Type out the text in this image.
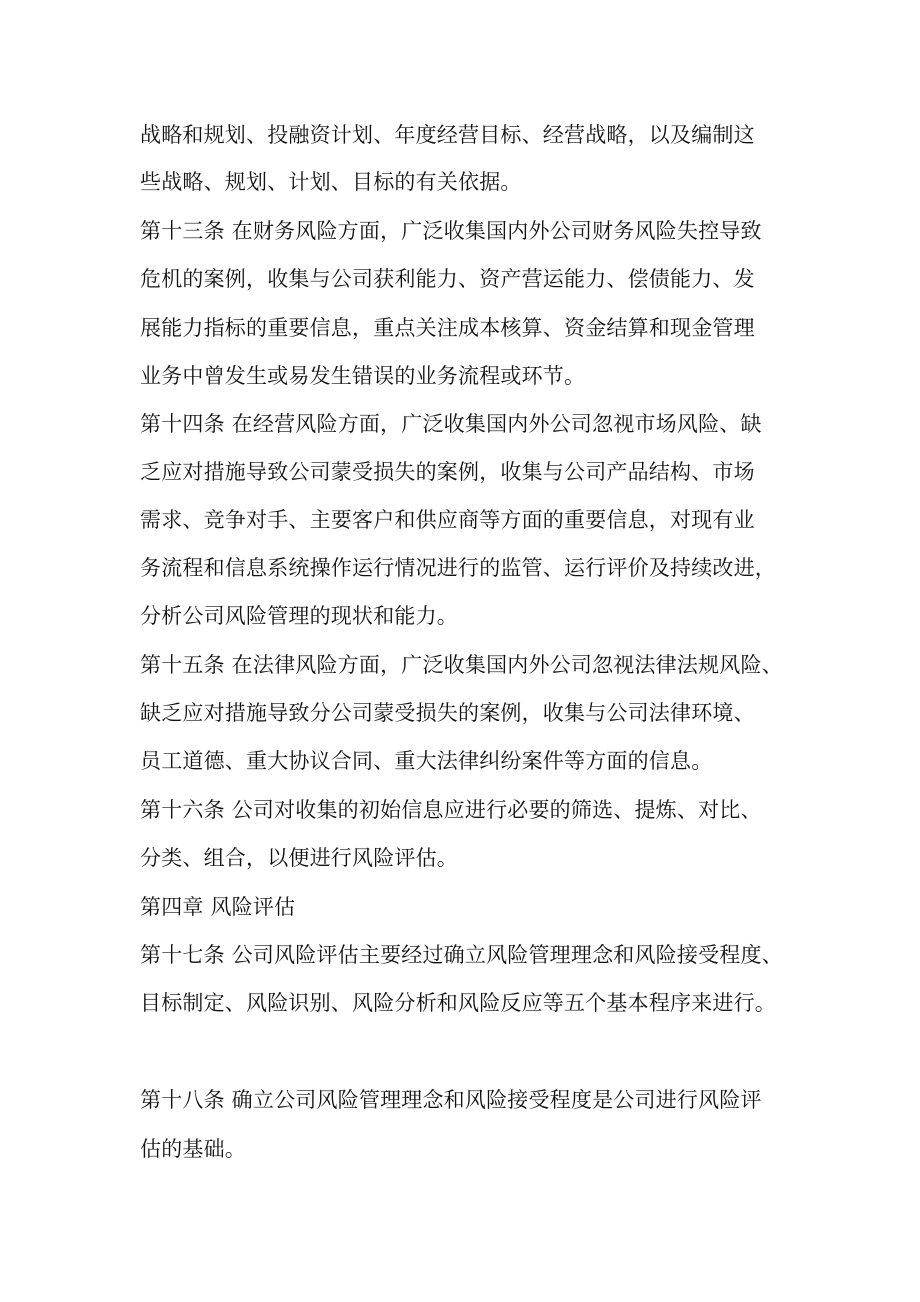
战略和规划、投融资计划、年度经营目标、经营战略，以及编制这

些战略、规划、计划、目标的有关依据。

第十三条 在财务风险方面，广泛收集国内外公司财务风险失控导致

危机的案例，收集与公司获利能力、资产营运能力、偿债能力、发

展能力指标的重要信息，重点关注成本核算、资金结算和现金管理

业务中曾发生或易发生错误的业务流程或环节。

第十四条 在经营风险方面，广泛收集国内外公司忽视市场风险、缺

乏应对措施导致公司蒙受损失的案例，收集与公司产品结构、市场

需求、竞争对手、主要客户和供应商等方面的重要信息，对现有业

务流程和信息系统操作运行情况进行的监管、运行评价及持续改进，

分析公司风险管理的现状和能力。

第十五条 在法律风险方面，广泛收集国内外公司忽视法律法规风险、

缺乏应对措施导致分公司蒙受损失的案例，收集与公司法律环境、

员工道德、重大协议合同、重大法律纠纷案件等方面的信息。

第十六条 公司对收集的初始信息应进行必要的筛选、提炼、对比、

分类、组合，以便进行风险评估。

第四章 风险评估

第十七条 公司风险评估主要经过确立风险管理理念和风险接受程度、

目标制定、风险识别、风险分析和风险反应等五个基本程序来进行。

第十八条 确立公司风险管理理念和风险接受程度是公司进行风险评

估的基础。
